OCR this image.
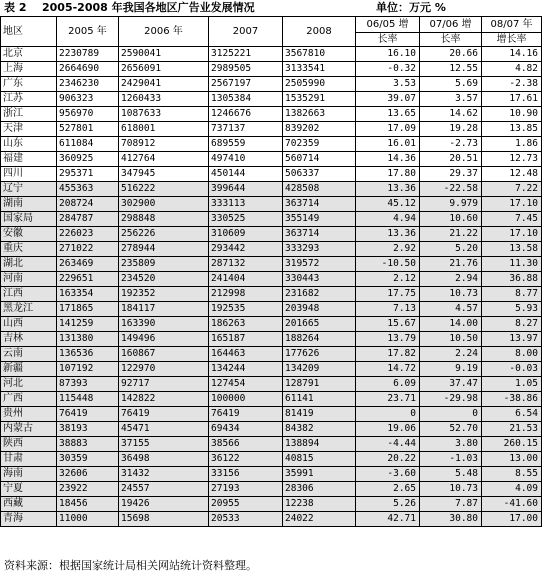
表 2 2005-2008 年我国各地区广告业发展情况	单位：万元 %
地区	2005 年	2006 年	2007	2008	06/05 增	07/06 增	08/07 年
					长率	长率	增长率
北京	2230789	2590041	3125221	3567810	16.10	20.66	14.16
上海	2664690	2656091	2989505	3133541	-0.32	12.55	4.82
广东	2346230	2429041	2567197	2505990	3.53	5.69	-2.38
江苏	906323	1260433	1305384	1535291	39.07	3.57	17.61
浙江	956970	1087633	1246676	1382663	13.65	14.62	10.90
天津	527801	618001	737137	839202	17.09	19.28	13.85
山东	611084	708912	689559	702359	16.01	-2.73	1.86
福建	360925	412764	497410	560714	14.36	20.51	12.73
四川	295371	347945	450144	506337	17.80	29.37	12.48
辽宁	455363	516222	399644	428508	13.36	-22.58	7.22
湖南	208724	302900	333113	363714	45.12	9.979	17.10
国家局	284787	298848	330525	355149	4.94	10.60	7.45
安徽	226023	256226	310609	363714	13.36	21.22	17.10
重庆	271022	278944	293442	333293	2.92	5.20	13.58
湖北	263469	235809	287132	319572	-10.50	21.76	11.30
河南	229651	234520	241404	330443	2.12	2.94	36.88
江西	163354	192352	212998	231682	17.75	10.73	8.77
黑龙江	171865	184117	192535	203948	7.13	4.57	5.93
山西	141259	163390	186263	201665	15.67	14.00	8.27
吉林	131380	149496	165187	188264	13.79	10.50	13.97
云南	136536	160867	164463	177626	17.82	2.24	8.00
新疆	107192	122970	134244	134209	14.72	9.19	-0.03
河北	87393	92717	127454	128791	6.09	37.47	1.05
广西	115448	142822	100000	61141	23.71	-29.98	-38.86
贵州	76419	76419	76419	81419	0	0	6.54
内蒙古	38193	45471	69434	84382	19.06	52.70	21.53
陕西	38883	37155	38566	138894	-4.44	3.80	260.15
甘肃	30359	36498	36122	40815	20.22	-1.03	13.00
海南	32606	31432	33156	35991	-3.60	5.48	8.55
宁夏	23922	24557	27193	28306	2.65	10.73	4.09
西藏	18456	19426	20955	12238	5.26	7.87	-41.60
青海	11000	15698	20533	24022	42.71	30.80	17.00
资料来源：根据国家统计局相关网站统计资料整理。
